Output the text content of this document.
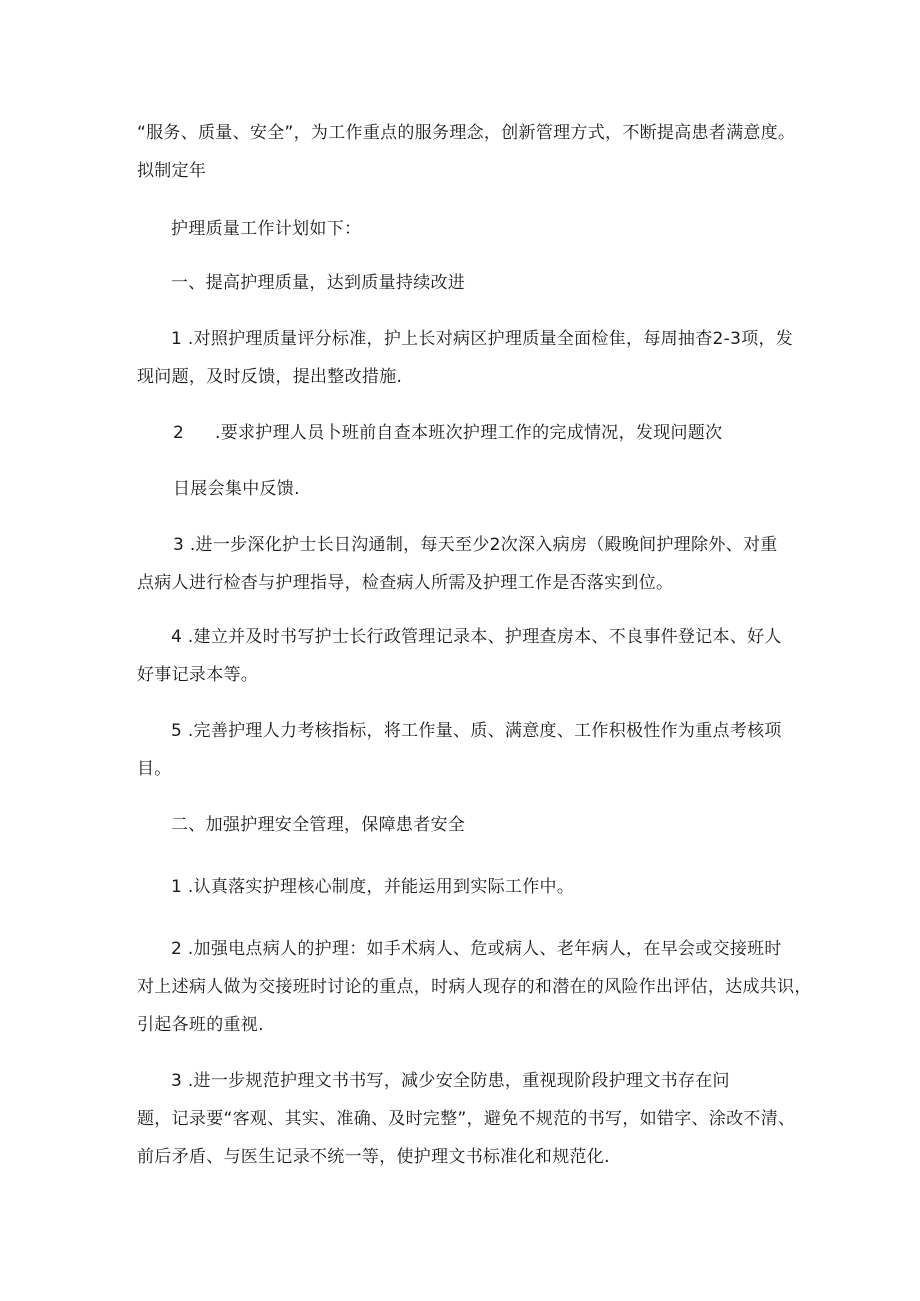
“服务、质量、安全”，为工作重点的服务理念，创新管理方式，不断提高患者满意度。
拟制定年
护理质量工作计划如下：
一、提高护理质量，达到质量持续改进
1 .对照护理质量评分标准，护上长对病区护理质量全面检隹，每周抽杳2-3项，发
现问题，及时反馈，提出整改措施.
2 .要求护理人员卜班前自查本班次护理工作的完成情况，发现问题次
日展会集中反馈.
3 .进一步深化护士长日沟通制，每天至少2次深入病房（殿晚间护理除外、对重
点病人进行检杳与护理指导，检查病人所需及护理工作是否落实到位。
4 .建立并及时书写护士长行政管理记录本、护理查房本、不良事件登记本、好人
好事记录本等。
5 .完善护理人力考核指标，将工作量、质、满意度、工作积极性作为重点考核项
目。
二、加强护理安全管理，保障患者安全
1 .认真落实护理核心制度，并能运用到实际工作中。
2 .加强电点病人的护理：如手术病人、危或病人、老年病人，在早会或交接班时
对上述病人做为交接班时讨论的重点，时病人现存的和潜在的风险作出评估，达成共识，
引起各班的重视.
3 .进一步规范护理文书书写，减少安全防患，重视现阶段护理文书存在问
题，记录要“客观、其实、准确、及时完整”，避免不规范的书写，如错字、涂改不清、
前后矛盾、与医生记录不统一等，使护理文书标准化和规范化.
